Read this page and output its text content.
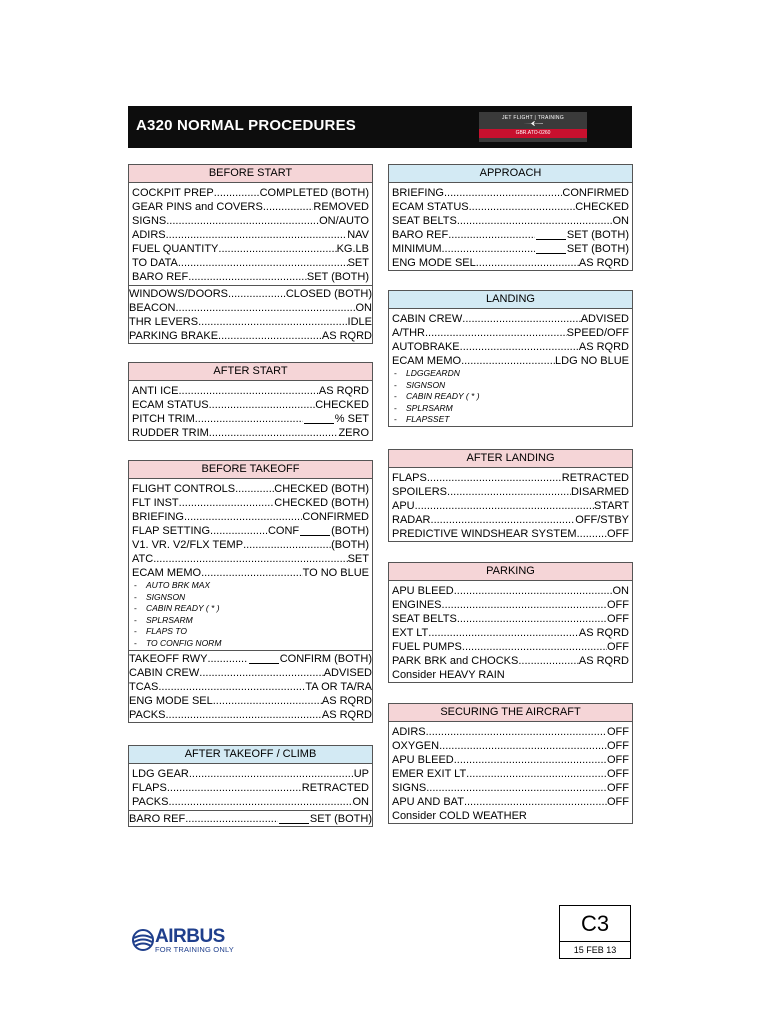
A320 NORMAL PROCEDURES	JET FLIGHT | TRAINING
GBR.ATO-0260
BEFORE START
COCKPIT PREP .....	COMPLETED (BOTH)
GEAR PINS and COVERS .....	REMOVED
SIGNS .....	ON/AUTO
ADIRS .....	NAV
FUEL QUANTITY .....	KG.LB
TO DATA .....	SET
BARO REF .....	SET (BOTH)
WINDOWS/DOORS .....	CLOSED (BOTH)
BEACON .....	ON
THR LEVERS .....	IDLE
PARKING BRAKE .....	AS RQRD
AFTER START
ANTI ICE .....	AS RQRD
ECAM STATUS .....	CHECKED
PITCH TRIM .....	% SET
RUDDER TRIM .....	ZERO
BEFORE TAKEOFF
FLIGHT CONTROLS .....	CHECKED (BOTH)
FLT INST .....	CHECKED (BOTH)
BRIEFING .....	CONFIRMED
FLAP SETTING .....	CONF	(BOTH)
V1. VR. V2/FLX TEMP .....	(BOTH)
ATC .....	SET
ECAM MEMO .....	TO NO BLUE
- AUTO BRK MAX
- SIGNSON
- CABIN READY ( * )
- SPLRSARM
- FLAPS TO
- TO CONFIG NORM
TAKEOFF RWY .....	CONFIRM (BOTH)
CABIN CREW .....	ADVISED
TCAS .....	TA OR TA/RA
ENG MODE SEL .....	AS RQRD
PACKS .....	AS RQRD
AFTER TAKEOFF / CLIMB
LDG GEAR .....	UP
FLAPS .....	RETRACTED
PACKS .....	ON
BARO REF .....	SET (BOTH)
APPROACH
BRIEFING .....	CONFIRMED
ECAM STATUS .....	CHECKED
SEAT BELTS .....	ON
BARO REF .....	SET (BOTH)
MINIMUM .....	SET (BOTH)
ENG MODE SEL .....	AS RQRD
LANDING
CABIN CREW .....	ADVISED
A/THR .....	SPEED/OFF
AUTOBRAKE .....	AS RQRD
ECAM MEMO .....	LDG NO BLUE
- LDGGEARDN
- SIGNSON
- CABIN READY ( * )
- SPLRSARM
- FLAPSSET
AFTER LANDING
FLAPS .....	RETRACTED
SPOILERS .....	DISARMED
APU .....	START
RADAR .....	OFF/STBY
PREDICTIVE WINDSHEAR SYSTEM .....	OFF
PARKING
APU BLEED .....	ON
ENGINES .....	OFF
SEAT BELTS .....	OFF
EXT LT .....	AS RQRD
FUEL PUMPS .....	OFF
PARK BRK and CHOCKS .....	AS RQRD
Consider HEAVY RAIN
SECURING THE AIRCRAFT
ADIRS .....	OFF
OXYGEN .....	OFF
APU BLEED .....	OFF
EMER EXIT LT .....	OFF
SIGNS .....	OFF
APU AND BAT .....	OFF
Consider COLD WEATHER
AIRBUS
FOR TRAINING ONLY
C3
15 FEB 13
